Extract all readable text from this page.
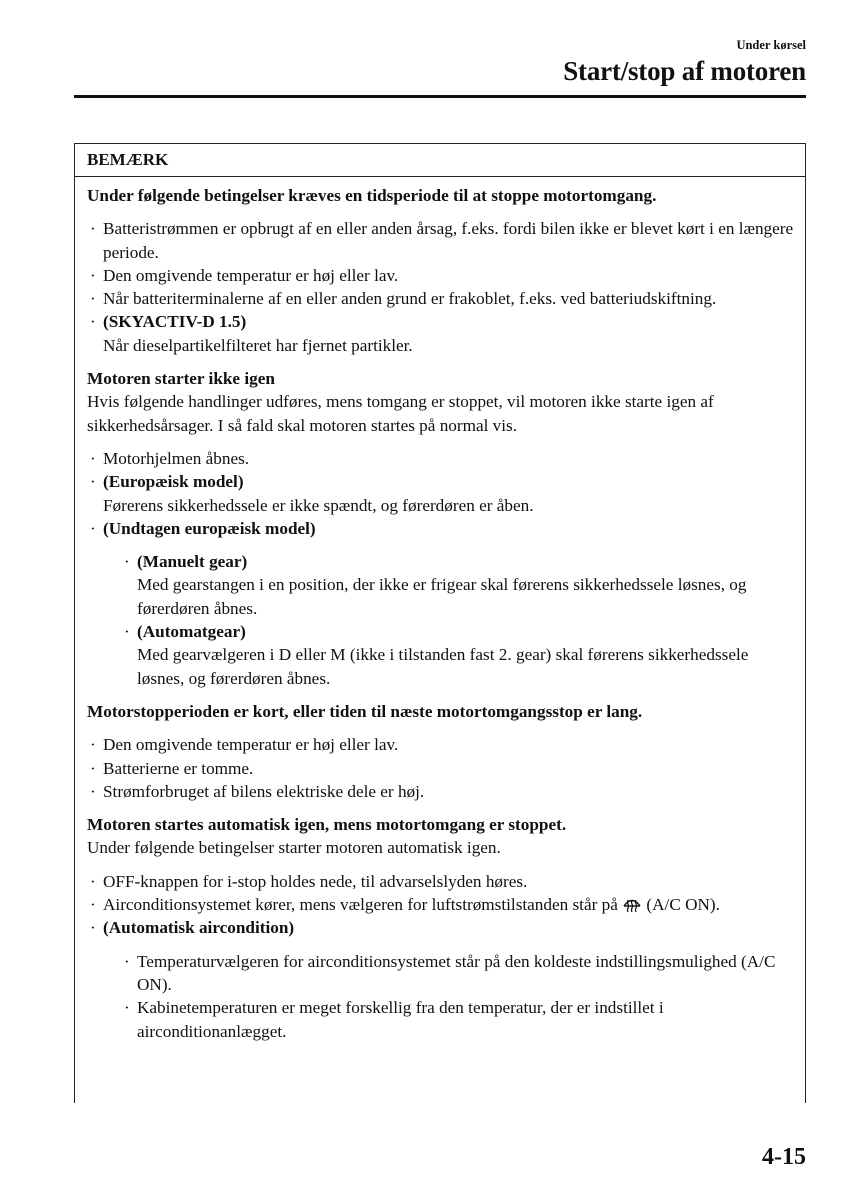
Under kørsel
Start/stop af motoren
BEMÆRK

Under følgende betingelser kræves en tidsperiode til at stoppe motortomgang.

· Batteristrømmen er opbrugt af en eller anden årsag, f.eks. fordi bilen ikke er blevet kørt i en længere periode.
· Den omgivende temperatur er høj eller lav.
· Når batteriterminalerne af en eller anden grund er frakoblet, f.eks. ved batteriudskiftning.
· (SKYACTIV-D 1.5)
Når dieselpartikelfilteret har fjernet partikler.

Motoren starter ikke igen

Hvis følgende handlinger udføres, mens tomgang er stoppet, vil motoren ikke starte igen af sikkerhedsårsager. I så fald skal motoren startes på normal vis.

· Motorhjelmen åbnes.
· (Europæisk model)
Førerens sikkerhedssele er ikke spændt, og førerdøren er åben.
· (Undtagen europæisk model)
· (Manuelt gear)
Med gearstangen i en position, der ikke er frigear skal førerens sikkerhedssele løsnes, og førerdøren åbnes.
· (Automatgear)
Med gearvælgeren i D eller M (ikke i tilstanden fast 2. gear) skal førerens sikkerhedssele løsnes, og førerdøren åbnes.

Motorstopperioden er kort, eller tiden til næste motortomgangsstop er lang.

· Den omgivende temperatur er høj eller lav.
· Batterierne er tomme.
· Strømforbruget af bilens elektriske dele er høj.

Motoren startes automatisk igen, mens motortomgang er stoppet.

Under følgende betingelser starter motoren automatisk igen.

· OFF-knappen for i-stop holdes nede, til advarselslyden høres.
· Airconditionsystemet kører, mens vælgeren for luftstrømstilstanden står på (A/C ON).
· (Automatisk aircondition)
· Temperaturvælgeren for airconditionsystemet står på den koldeste indstillingsmulighed (A/C ON).
· Kabinetemperaturen er meget forskellig fra den temperatur, der er indstillet i airconditionanlægget.
4-15
